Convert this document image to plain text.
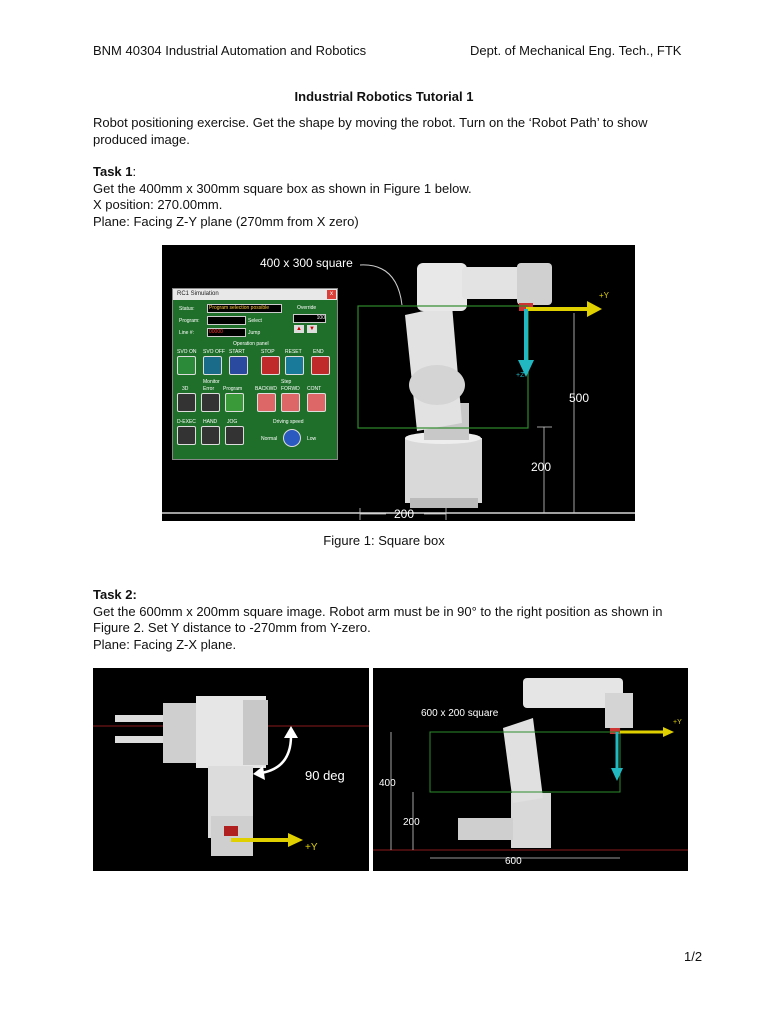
BNM 40304 Industrial Automation and Robotics	Dept. of Mechanical Eng. Tech., FTK
Industrial Robotics Tutorial 1
Robot positioning exercise. Get the shape by moving the robot. Turn on the ‘Robot Path’ to show
produced image.
Task 1:
Get the 400mm x 300mm square box as shown in Figure 1 below.
X position: 270.00mm.
Plane: Facing Z-Y plane (270mm from X zero)
400 x 300 square
+Y
+Z
500
200
200
RC1 Simulation	x
Status:	Program selection possible
Program:	Select
Line #:	00000	Jump
Override
100
▲	▼
Operation panel
SVO ON SVO OFF START	STOP RESET END
Monitor	Step
3D	Error Program	BACKWD FORWD CONT
D-EXEC HAND JOG	Driving speed
Normal	Low
Figure 1: Square box
Task 2:
Get the 600mm x 200mm square image. Robot arm must be in 90° to the right position as shown in
Figure 2. Set Y distance to -270mm from Y-zero.
Plane: Facing Z-X plane.
90 deg
+Y
600 x 200 square
+Y
400
200
600
1/2
